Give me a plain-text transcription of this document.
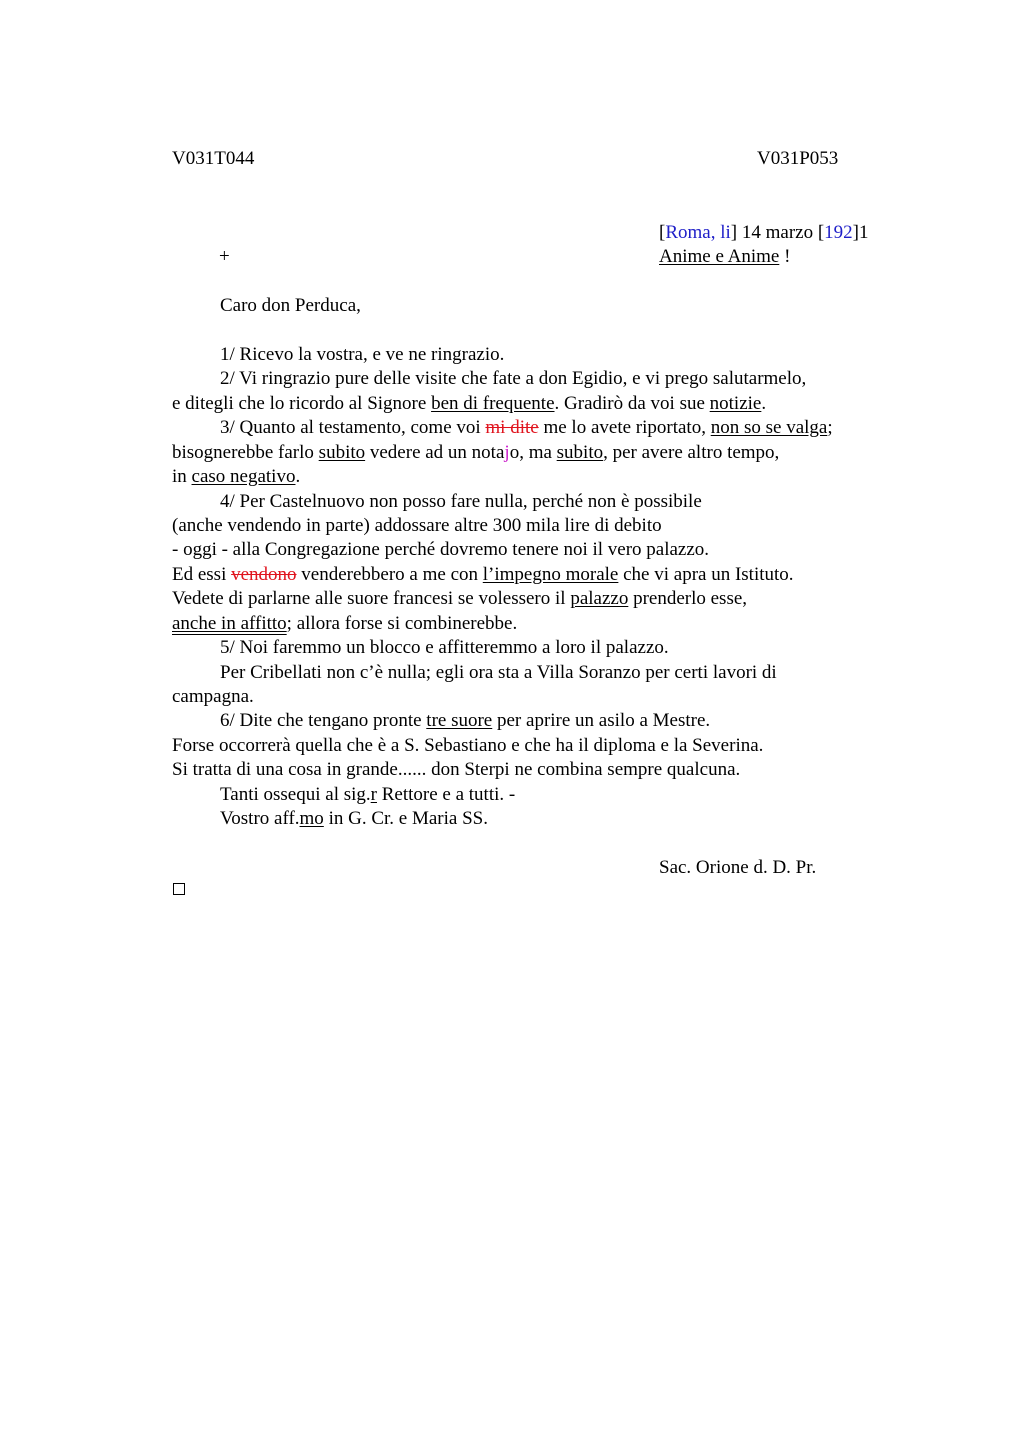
V031T044	V031P053
[Roma, li] 14 marzo [192]1
+	Anime e Anime !
Caro don Perduca,
1/ Ricevo la vostra, e ve ne ringrazio.
2/ Vi ringrazio pure delle visite che fate a don Egidio, e vi prego salutarmelo,
e ditegli che lo ricordo al Signore ben di frequente. Gradirò da voi sue notizie.
3/ Quanto al testamento, come voi mi dite me lo avete riportato, non so se valga;
bisognerebbe farlo subito vedere ad un notajo, ma subito, per avere altro tempo,
in caso negativo.
4/ Per Castelnuovo non posso fare nulla, perché non è possibile
(anche vendendo in parte) addossare altre 300 mila lire di debito
- oggi - alla Congregazione perché dovremo tenere noi il vero palazzo.
Ed essi vendono venderebbero a me con l’impegno morale che vi apra un Istituto.
Vedete di parlarne alle suore francesi se volessero il palazzo prenderlo esse,
anche in affitto; allora forse si combinerebbe.
5/ Noi faremmo un blocco e affitteremmo a loro il palazzo.
Per Cribellati non c’è nulla; egli ora sta a Villa Soranzo per certi lavori di
campagna.
6/ Dite che tengano pronte tre suore per aprire un asilo a Mestre.
Forse occorrerà quella che è a S. Sebastiano e che ha il diploma e la Severina.
Si tratta di una cosa in grande...... don Sterpi ne combina sempre qualcuna.
Tanti ossequi al sig.r Rettore e a tutti. -
Vostro aff.mo in G. Cr. e Maria SS.
Sac. Orione d. D. Pr.
